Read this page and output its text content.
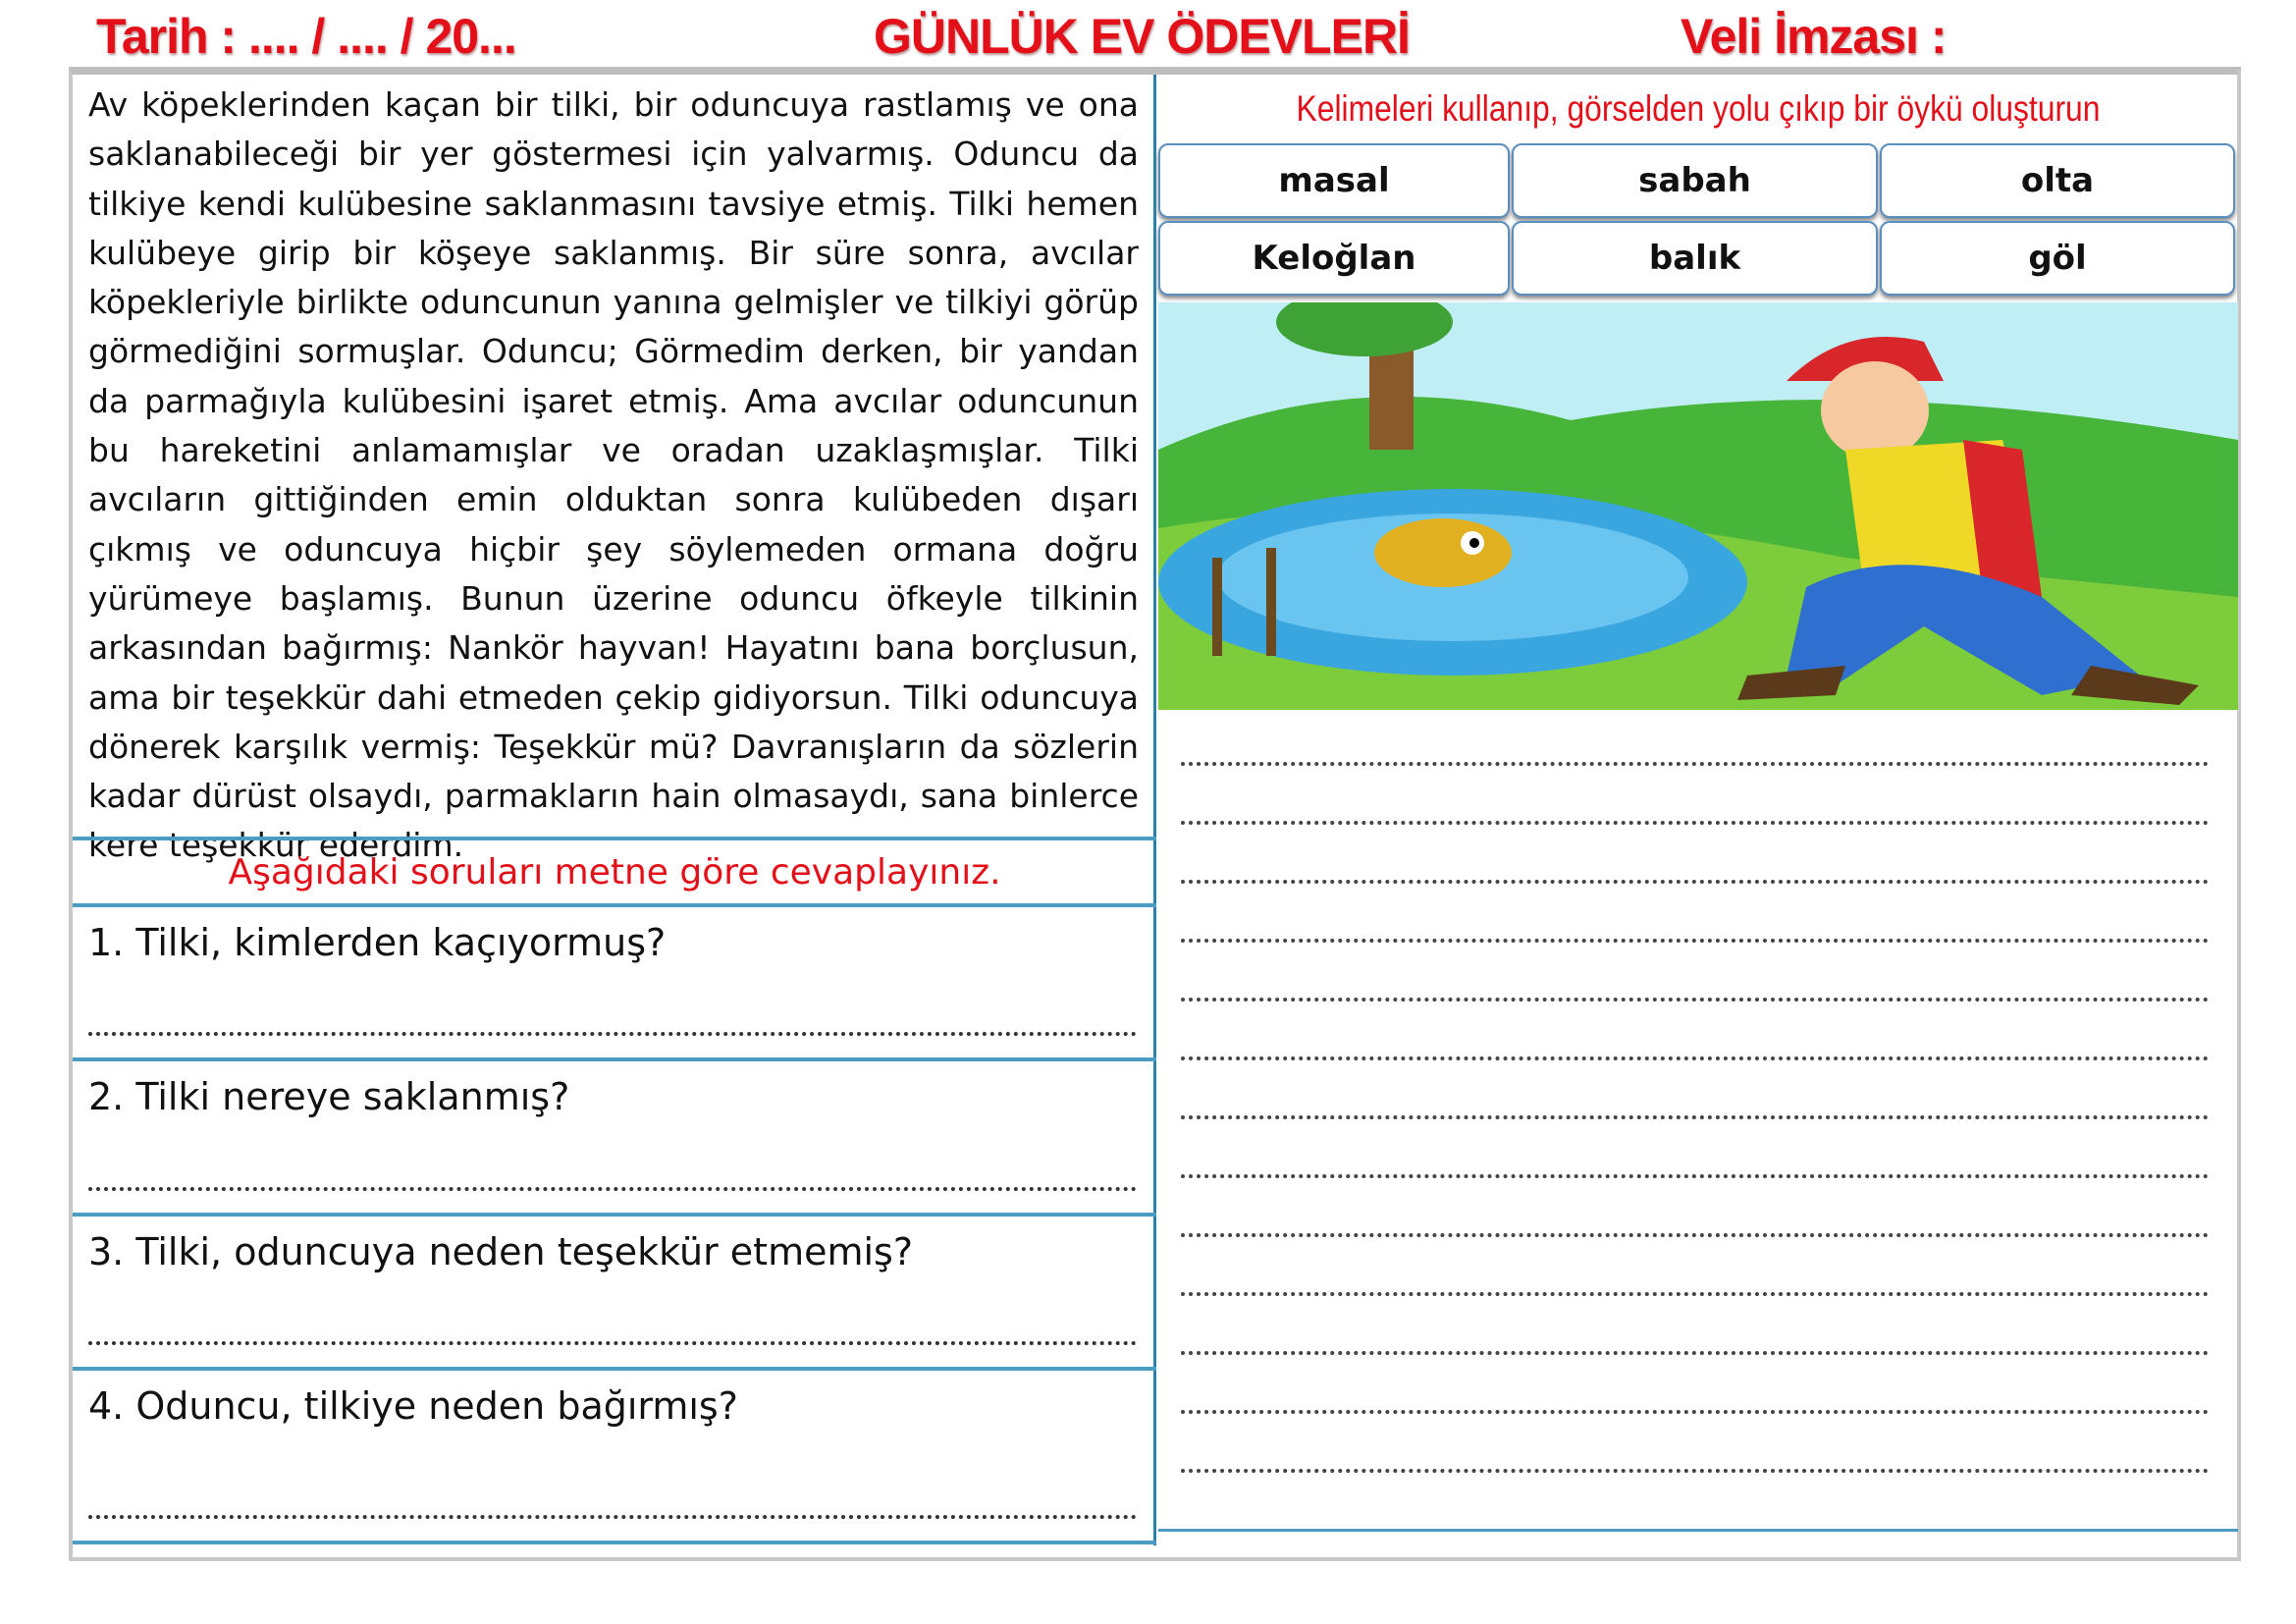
Tarih : .... / .... / 20...	GÜNLÜK EV ÖDEVLERİ	Veli İmzası :
Av köpeklerinden kaçan bir tilki, bir oduncuya rastlamış ve ona saklanabileceği bir yer göstermesi için yalvarmış. Oduncu da tilkiye kendi kulübesine saklanmasını tavsiye etmiş. Tilki hemen kulübeye girip bir köşeye saklanmış. Bir süre sonra, avcılar köpekleriyle birlikte oduncunun yanına gelmişler ve tilkiyi görüp görmediğini sormuşlar. Oduncu; Görmedim derken, bir yandan da parmağıyla kulübesini işaret etmiş. Ama avcılar oduncunun bu hareketini anlamamışlar ve oradan uzaklaşmışlar. Tilki avcıların gittiğinden emin olduktan sonra kulübeden dışarı çıkmış ve oduncuya hiçbir şey söylemeden ormana doğru yürümeye başlamış. Bunun üzerine oduncu öfkeyle tilkinin arkasından bağırmış: Nankör hayvan! Hayatını bana borçlusun, ama bir teşekkür dahi etmeden çekip gidiyorsun. Tilki oduncuya dönerek karşılık vermiş: Teşekkür mü? Davranışların da sözlerin kadar dürüst olsaydı, parmakların hain olmasaydı, sana binlerce kere teşekkür ederdim.
Aşağıdaki soruları metne göre cevaplayınız.
1. Tilki, kimlerden kaçıyormuş?
2. Tilki nereye saklanmış?
3. Tilki, oduncuya neden teşekkür etmemiş?
4. Oduncu, tilkiye neden bağırmış?
Kelimeleri kullanıp, görselden yolu çıkıp bir öykü oluşturun
masal	sabah	olta
Keloğlan	balık	göl
